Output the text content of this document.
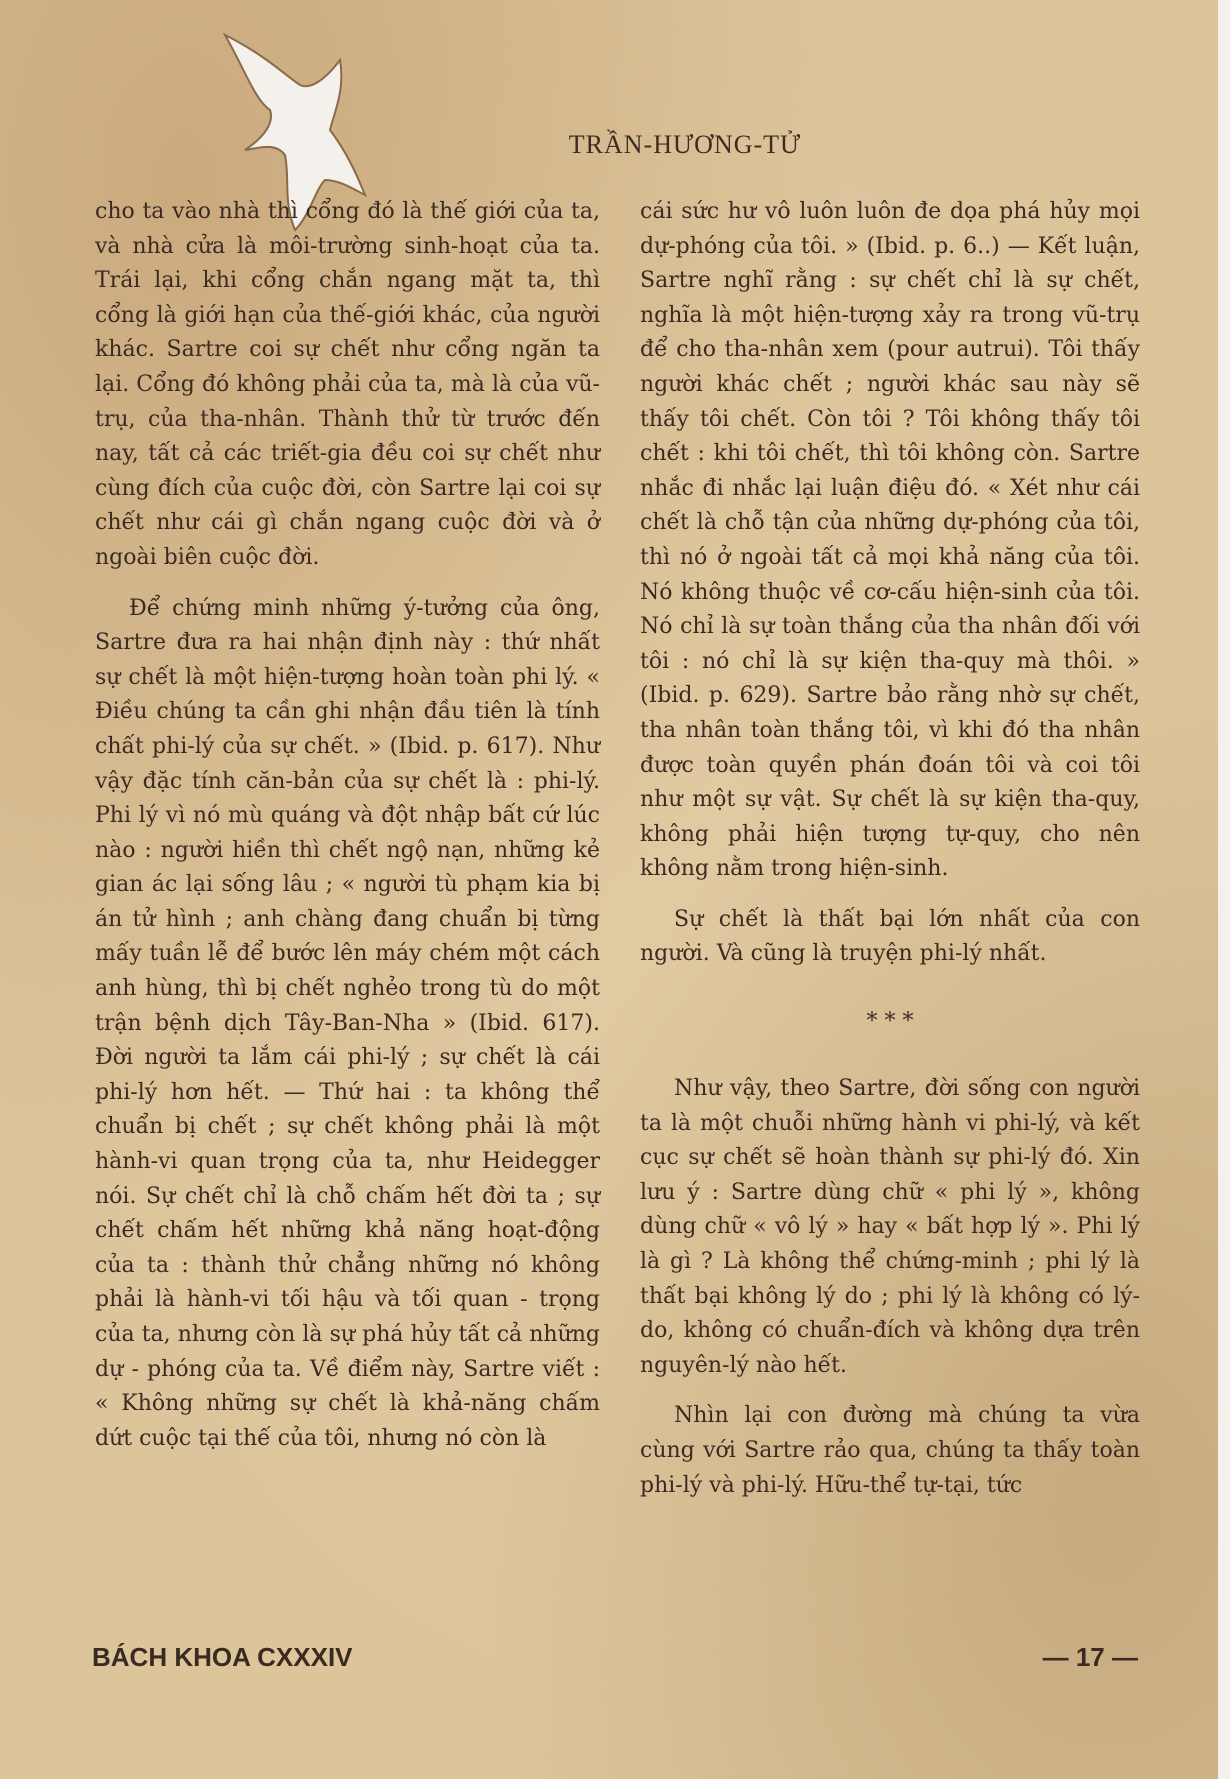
TRẦN-HƯƠNG-TỬ

cho ta vào nhà thì cổng đó là thế giới của ta, và nhà cửa là môi-trường sinh-hoạt của ta. Trái lại, khi cổng chắn ngang mặt ta, thì cổng là giới hạn của thế-giới khác, của người khác. Sartre coi sự chết như cổng ngăn ta lại. Cổng đó không phải của ta, mà là của vũ-trụ, của tha-nhân. Thành thử từ trước đến nay, tất cả các triết-gia đều coi sự chết như cùng đích của cuộc đời, còn Sartre lại coi sự chết như cái gì chắn ngang cuộc đời và ở ngoài biên cuộc đời.

Để chứng minh những ý-tưởng của ông, Sartre đưa ra hai nhận định này : thứ nhất sự chết là một hiện-tượng hoàn toàn phi lý. « Điều chúng ta cần ghi nhận đầu tiên là tính chất phi-lý của sự chết. » (Ibid. p. 617). Như vậy đặc tính căn-bản của sự chết là : phi-lý. Phi lý vì nó mù quáng và đột nhập bất cứ lúc nào : người hiền thì chết ngộ nạn, những kẻ gian ác lại sống lâu ; « người tù phạm kia bị án tử hình ; anh chàng đang chuẩn bị từng mấy tuần lễ để bước lên máy chém một cách anh hùng, thì bị chết nghẻo trong tù do một trận bệnh dịch Tây-Ban-Nha » (Ibid. 617). Đời người ta lắm cái phi-lý ; sự chết là cái phi-lý hơn hết. — Thứ hai : ta không thể chuẩn bị chết ; sự chết không phải là một hành-vi quan trọng của ta, như Heidegger nói. Sự chết chỉ là chỗ chấm hết đời ta ; sự chết chấm hết những khả năng hoạt-động của ta : thành thử chẳng những nó không phải là hành-vi tối hậu và tối quan - trọng của ta, nhưng còn là sự phá hủy tất cả những dự - phóng của ta. Về điểm này, Sartre viết : « Không những sự chết là khả-năng chấm dứt cuộc tại thế của tôi, nhưng nó còn là

cái sức hư vô luôn luôn đe dọa phá hủy mọi dự-phóng của tôi. » (Ibid. p. 6..) — Kết luận, Sartre nghĩ rằng : sự chết chỉ là sự chết, nghĩa là một hiện-tượng xảy ra trong vũ-trụ để cho tha-nhân xem (pour autrui). Tôi thấy người khác chết ; người khác sau này sẽ thấy tôi chết. Còn tôi ? Tôi không thấy tôi chết : khi tôi chết, thì tôi không còn. Sartre nhắc đi nhắc lại luận điệu đó. « Xét như cái chết là chỗ tận của những dự-phóng của tôi, thì nó ở ngoài tất cả mọi khả năng của tôi. Nó không thuộc về cơ-cấu hiện-sinh của tôi. Nó chỉ là sự toàn thắng của tha nhân đối với tôi : nó chỉ là sự kiện tha-quy mà thôi. » (Ibid. p. 629). Sartre bảo rằng nhờ sự chết, tha nhân toàn thắng tôi, vì khi đó tha nhân được toàn quyền phán đoán tôi và coi tôi như một sự vật. Sự chết là sự kiện tha-quy, không phải hiện tượng tự-quy, cho nên không nằm trong hiện-sinh.

Sự chết là thất bại lớn nhất của con người. Và cũng là truyện phi-lý nhất.

* * *

Như vậy, theo Sartre, đời sống con người ta là một chuỗi những hành vi phi-lý, và kết cục sự chết sẽ hoàn thành sự phi-lý đó. Xin lưu ý : Sartre dùng chữ « phi lý », không dùng chữ « vô lý » hay « bất hợp lý ». Phi lý là gì ? Là không thể chứng-minh ; phi lý là thất bại không lý do ; phi lý là không có lý-do, không có chuẩn-đích và không dựa trên nguyên-lý nào hết.

Nhìn lại con đường mà chúng ta vừa cùng với Sartre rảo qua, chúng ta thấy toàn phi-lý và phi-lý. Hữu-thể tự-tại, tức

BÁCH KHOA CXXXIV	— 17 —
